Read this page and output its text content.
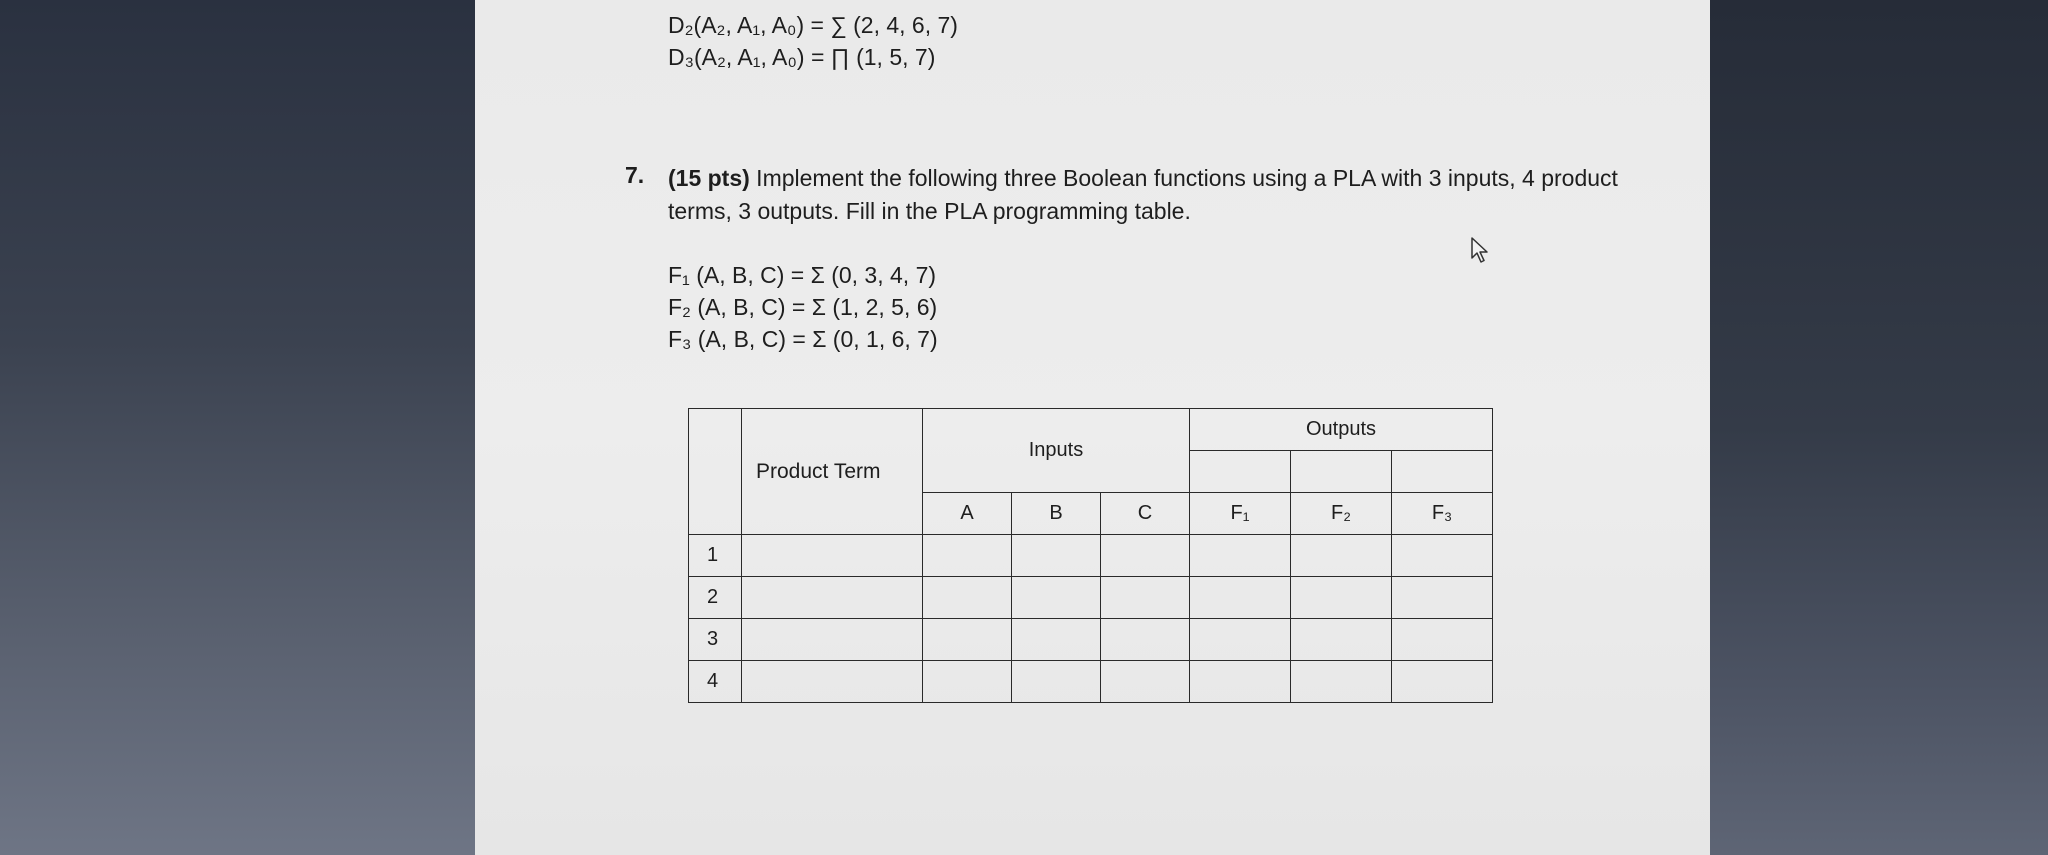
D₂(A₂, A₁, A₀) = ∑ (2, 4, 6, 7)
D₃(A₂, A₁, A₀) = ∏ (1, 5, 7)
7. (15 pts) Implement the following three Boolean functions using a PLA with 3 inputs, 4 product terms, 3 outputs. Fill in the PLA programming table.
F₁ (A, B, C) = Σ (0, 3, 4, 7)
F₂ (A, B, C) = Σ (1, 2, 5, 6)
F₃ (A, B, C) = Σ (0, 1, 6, 7)
	Product Term	Inputs			Outputs		

		A	B	C	F₁	F₂	F₃
1							
2							
3							
4							
